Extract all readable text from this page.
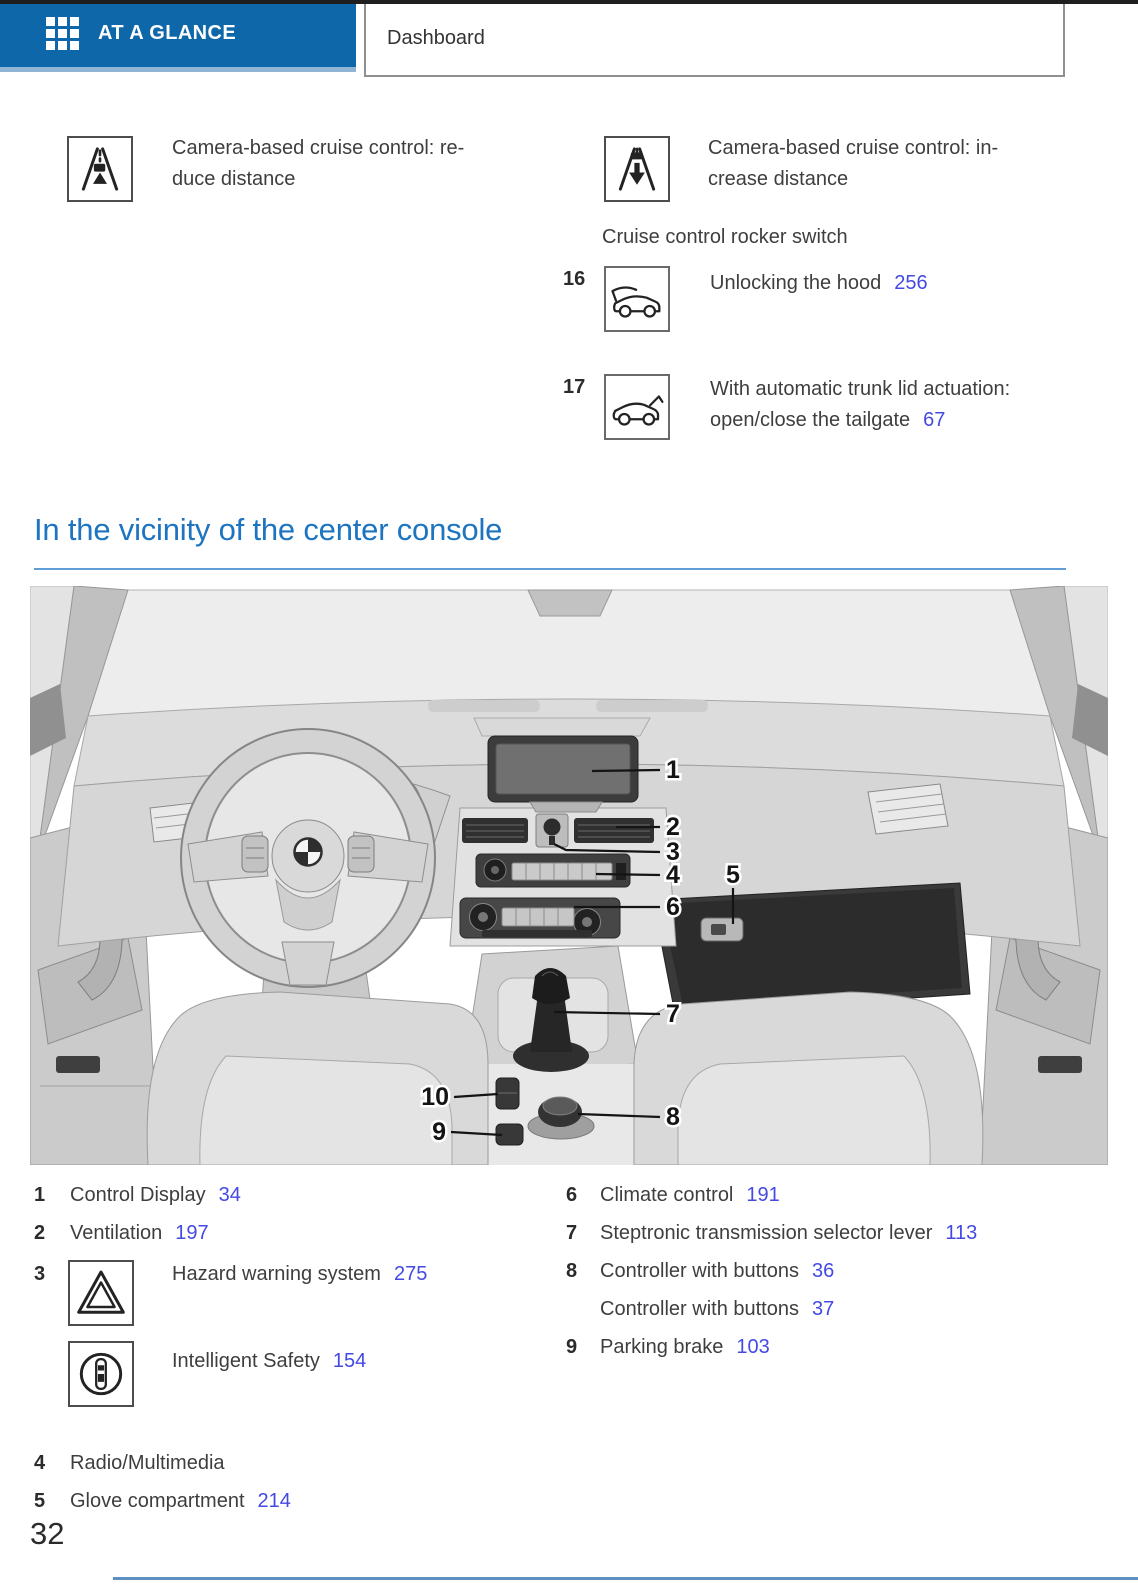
AT A GLANCE	Dashboard
Camera-based cruise control: re-
duce distance
Camera-based cruise control: in-
crease distance
Cruise control rocker switch
16	Unlocking the hood 256
17	With automatic trunk lid actuation:
open/close the tailgate 67
In the vicinity of the center console
1
2
3
4 5
6
7
8
9
10
1 Control Display 34
2 Ventilation 197
3	Hazard warning system 275
Intelligent Safety 154
4 Radio/Multimedia
5 Glove compartment 214
6 Climate control 191
7 Steptronic transmission selector lever 113
8 Controller with buttons 36
Controller with buttons 37
9 Parking brake 103
32
